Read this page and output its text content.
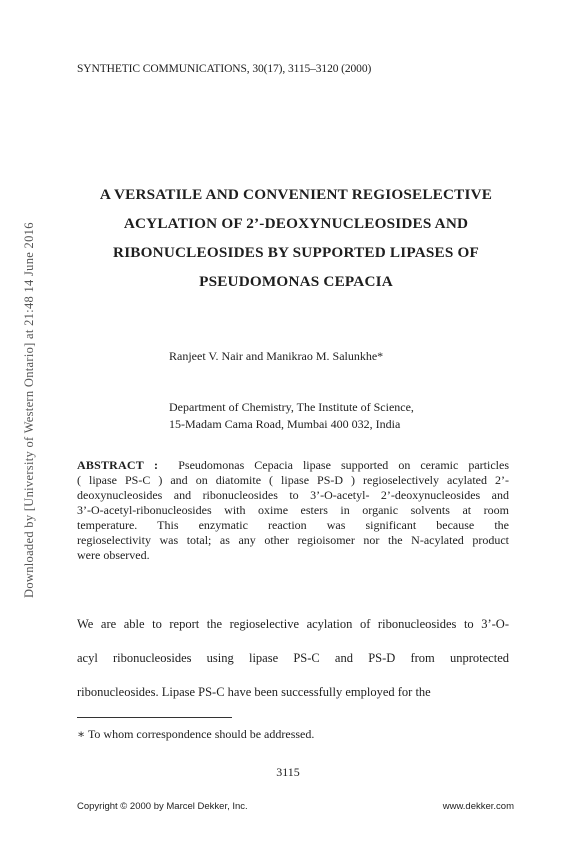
SYNTHETIC COMMUNICATIONS, 30(17), 3115–3120 (2000)
A VERSATILE AND CONVENIENT REGIOSELECTIVE
ACYLATION OF 2’-DEOXYNUCLEOSIDES AND
RIBONUCLEOSIDES BY SUPPORTED LIPASES OF
PSEUDOMONAS CEPACIA
Ranjeet V. Nair and Manikrao M. Salunkhe*
Department of Chemistry, The Institute of Science,
15-Madam Cama Road, Mumbai 400 032, India
ABSTRACT : Pseudomonas Cepacia lipase supported on ceramic particles
( lipase PS-C ) and on diatomite ( lipase PS-D ) regioselectively acylated 2’-
deoxynucleosides and ribonucleosides to 3’-O-acetyl- 2’-deoxynucleosides and
3’-O-acetyl-ribonucleosides with oxime esters in organic solvents at room
temperature. This enzymatic reaction was significant because the
regioselectivity was total; as any other regioisomer nor the N-acylated product
were observed.
We are able to report the regioselective acylation of ribonucleosides to 3’-O-
acyl ribonucleosides using lipase PS-C and PS-D from unprotected
ribonucleosides. Lipase PS-C have been successfully employed for the
∗ To whom correspondence should be addressed.
3115
Copyright © 2000 by Marcel Dekker, Inc.	www.dekker.com
Downloaded by [University of Western Ontario] at 21:48 14 June 2016
